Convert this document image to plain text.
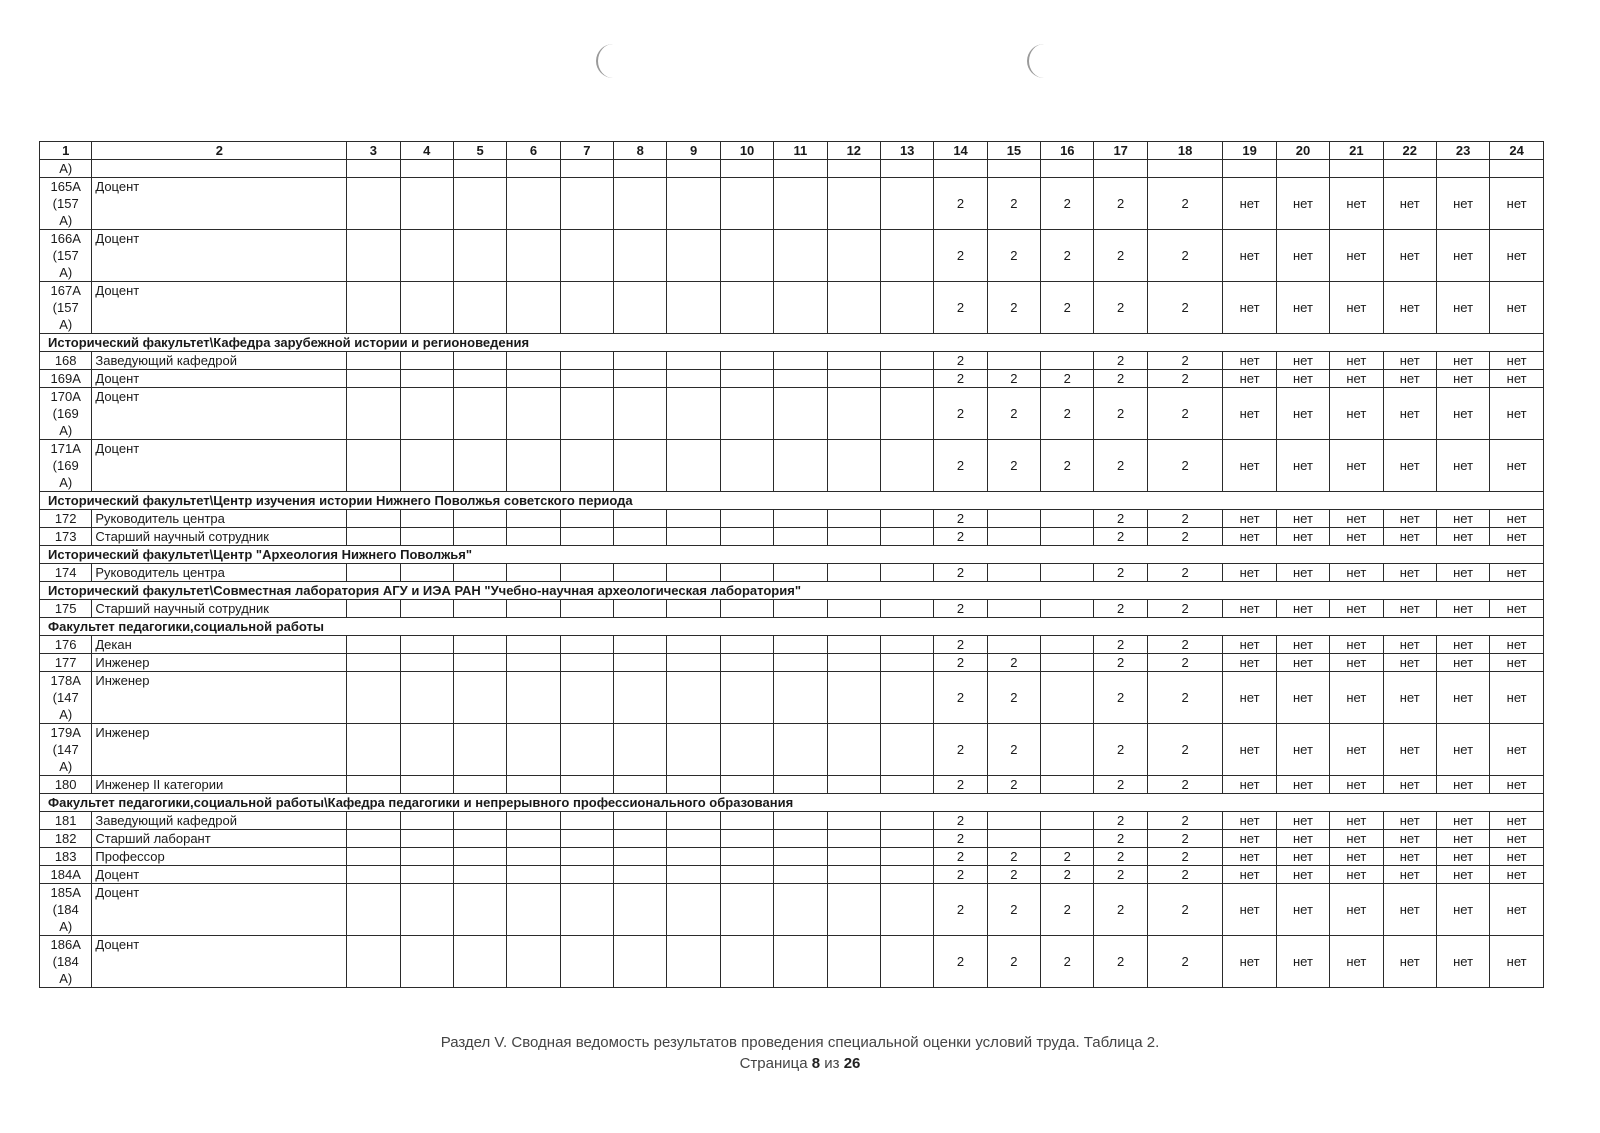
1	2	3	4	5	6	7	8	9	10	11	12	13	14	15	16	17	18	19	20	21	22	23	24

А)																							

165А
(157
А)	Доцент												2	2	2	2	2	нет	нет	нет	нет	нет	нет

166А
(157
А)	Доцент												2	2	2	2	2	нет	нет	нет	нет	нет	нет

167А
(157
А)	Доцент												2	2	2	2	2	нет	нет	нет	нет	нет	нет
Исторический факультет\Кафедра зарубежной истории и регионоведения																							

168	Заведующий кафедрой												2			2	2	нет	нет	нет	нет	нет	нет

169А	Доцент												2	2	2	2	2	нет	нет	нет	нет	нет	нет

170А
(169
А)	Доцент												2	2	2	2	2	нет	нет	нет	нет	нет	нет

171А
(169
А)	Доцент												2	2	2	2	2	нет	нет	нет	нет	нет	нет
Исторический факультет\Центр изучения истории Нижнего Поволжья советского периода																							

172	Руководитель центра												2			2	2	нет	нет	нет	нет	нет	нет

173	Старший научный сотрудник												2			2	2	нет	нет	нет	нет	нет	нет
Исторический факультет\Центр "Археология Нижнего Поволжья"																							

174	Руководитель центра												2			2	2	нет	нет	нет	нет	нет	нет
Исторический факультет\Совместная лаборатория АГУ и ИЭА РАН "Учебно-научная археологическая лаборатория"																							

175	Старший научный сотрудник												2			2	2	нет	нет	нет	нет	нет	нет
Факультет педагогики,социальной работы																							

176	Декан												2			2	2	нет	нет	нет	нет	нет	нет

177	Инженер												2	2		2	2	нет	нет	нет	нет	нет	нет

178А
(147
А)	Инженер												2	2		2	2	нет	нет	нет	нет	нет	нет

179А
(147
А)	Инженер												2	2		2	2	нет	нет	нет	нет	нет	нет

180	Инженер II категории												2	2		2	2	нет	нет	нет	нет	нет	нет
Факультет педагогики,социальной работы\Кафедра педагогики и непрерывного профессионального образования																							

181	Заведующий кафедрой												2			2	2	нет	нет	нет	нет	нет	нет

182	Старший лаборант												2			2	2	нет	нет	нет	нет	нет	нет

183	Профессор												2	2	2	2	2	нет	нет	нет	нет	нет	нет

184А	Доцент												2	2	2	2	2	нет	нет	нет	нет	нет	нет

185А
(184
А)	Доцент												2	2	2	2	2	нет	нет	нет	нет	нет	нет

186А
(184
А)	Доцент												2	2	2	2	2	нет	нет	нет	нет	нет	нет
Раздел V. Сводная ведомость результатов проведения специальной оценки условий труда. Таблица 2.
Страница 8 из 26
